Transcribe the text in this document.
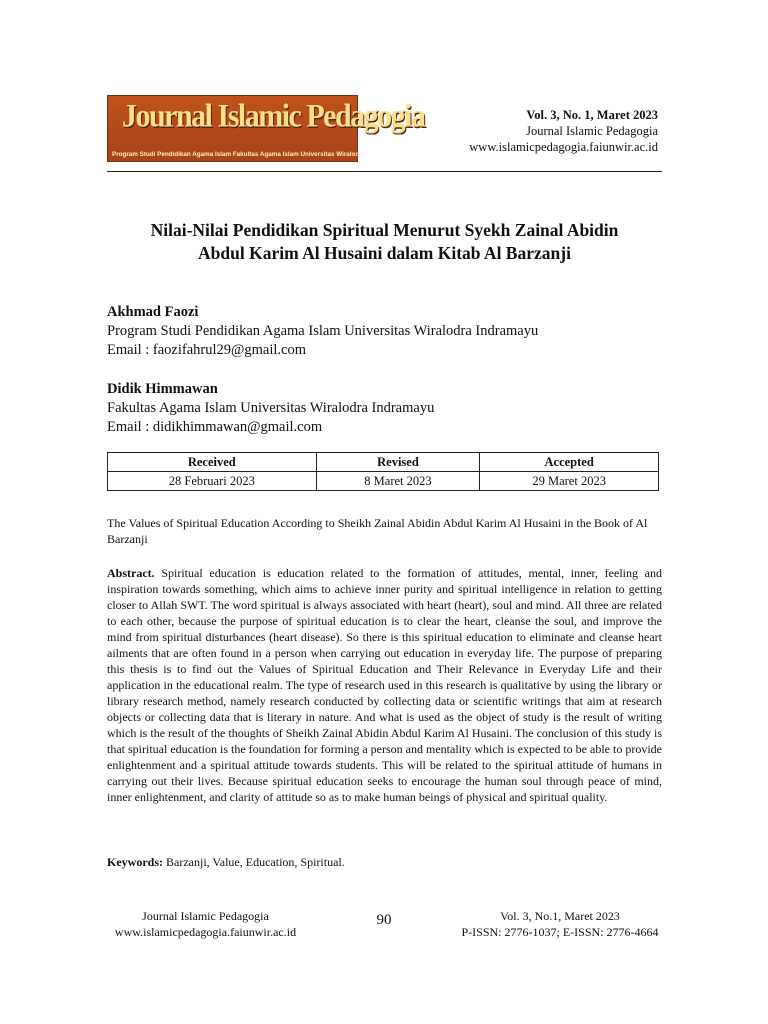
Journal Islamic Pedagogia
Program Studi Pendidikan Agama Islam Fakultas Agama Islam Universitas Wiralodra
Vol. 3, No. 1, Maret 2023
Journal Islamic Pedagogia
www.islamicpedagogia.faiunwir.ac.id
Nilai-Nilai Pendidikan Spiritual Menurut Syekh Zainal Abidin
Abdul Karim Al Husaini dalam Kitab Al Barzanji
Akhmad Faozi
Program Studi Pendidikan Agama Islam Universitas Wiralodra Indramayu
Email : faozifahrul29@gmail.com
Didik Himmawan
Fakultas Agama Islam Universitas Wiralodra Indramayu
Email : didikhimmawan@gmail.com
Received	Revised	Accepted
28 Februari 2023	8 Maret 2023	29 Maret 2023
The Values of Spiritual Education According to Sheikh Zainal Abidin Abdul Karim Al Husaini in the Book of Al Barzanji
Abstract. Spiritual education is education related to the formation of attitudes, mental, inner, feeling and inspiration towards something, which aims to achieve inner purity and spiritual intelligence in relation to getting closer to Allah SWT. The word spiritual is always associated with heart (heart), soul and mind. All three are related to each other, because the purpose of spiritual education is to clear the heart, cleanse the soul, and improve the mind from spiritual disturbances (heart disease). So there is this spiritual education to eliminate and cleanse heart ailments that are often found in a person when carrying out education in everyday life. The purpose of preparing this thesis is to find out the Values of Spiritual Education and Their Relevance in Everyday Life and their application in the educational realm. The type of research used in this research is qualitative by using the library or library research method, namely research conducted by collecting data or scientific writings that aim at research objects or collecting data that is literary in nature. And what is used as the object of study is the result of writing which is the result of the thoughts of Sheikh Zainal Abidin Abdul Karim Al Husaini. The conclusion of this study is that spiritual education is the foundation for forming a person and mentality which is expected to be able to provide enlightenment and a spiritual attitude towards students. This will be related to the spiritual attitude of humans in carrying out their lives. Because spiritual education seeks to encourage the human soul through peace of mind, inner enlightenment, and clarity of attitude so as to make human beings of physical and spiritual quality.
Keywords: Barzanji, Value, Education, Spiritual.
Journal Islamic Pedagogia
www.islamicpedagogia.faiunwir.ac.id
90	Vol. 3, No.1, Maret 2023
P-ISSN: 2776-1037; E-ISSN: 2776-4664
